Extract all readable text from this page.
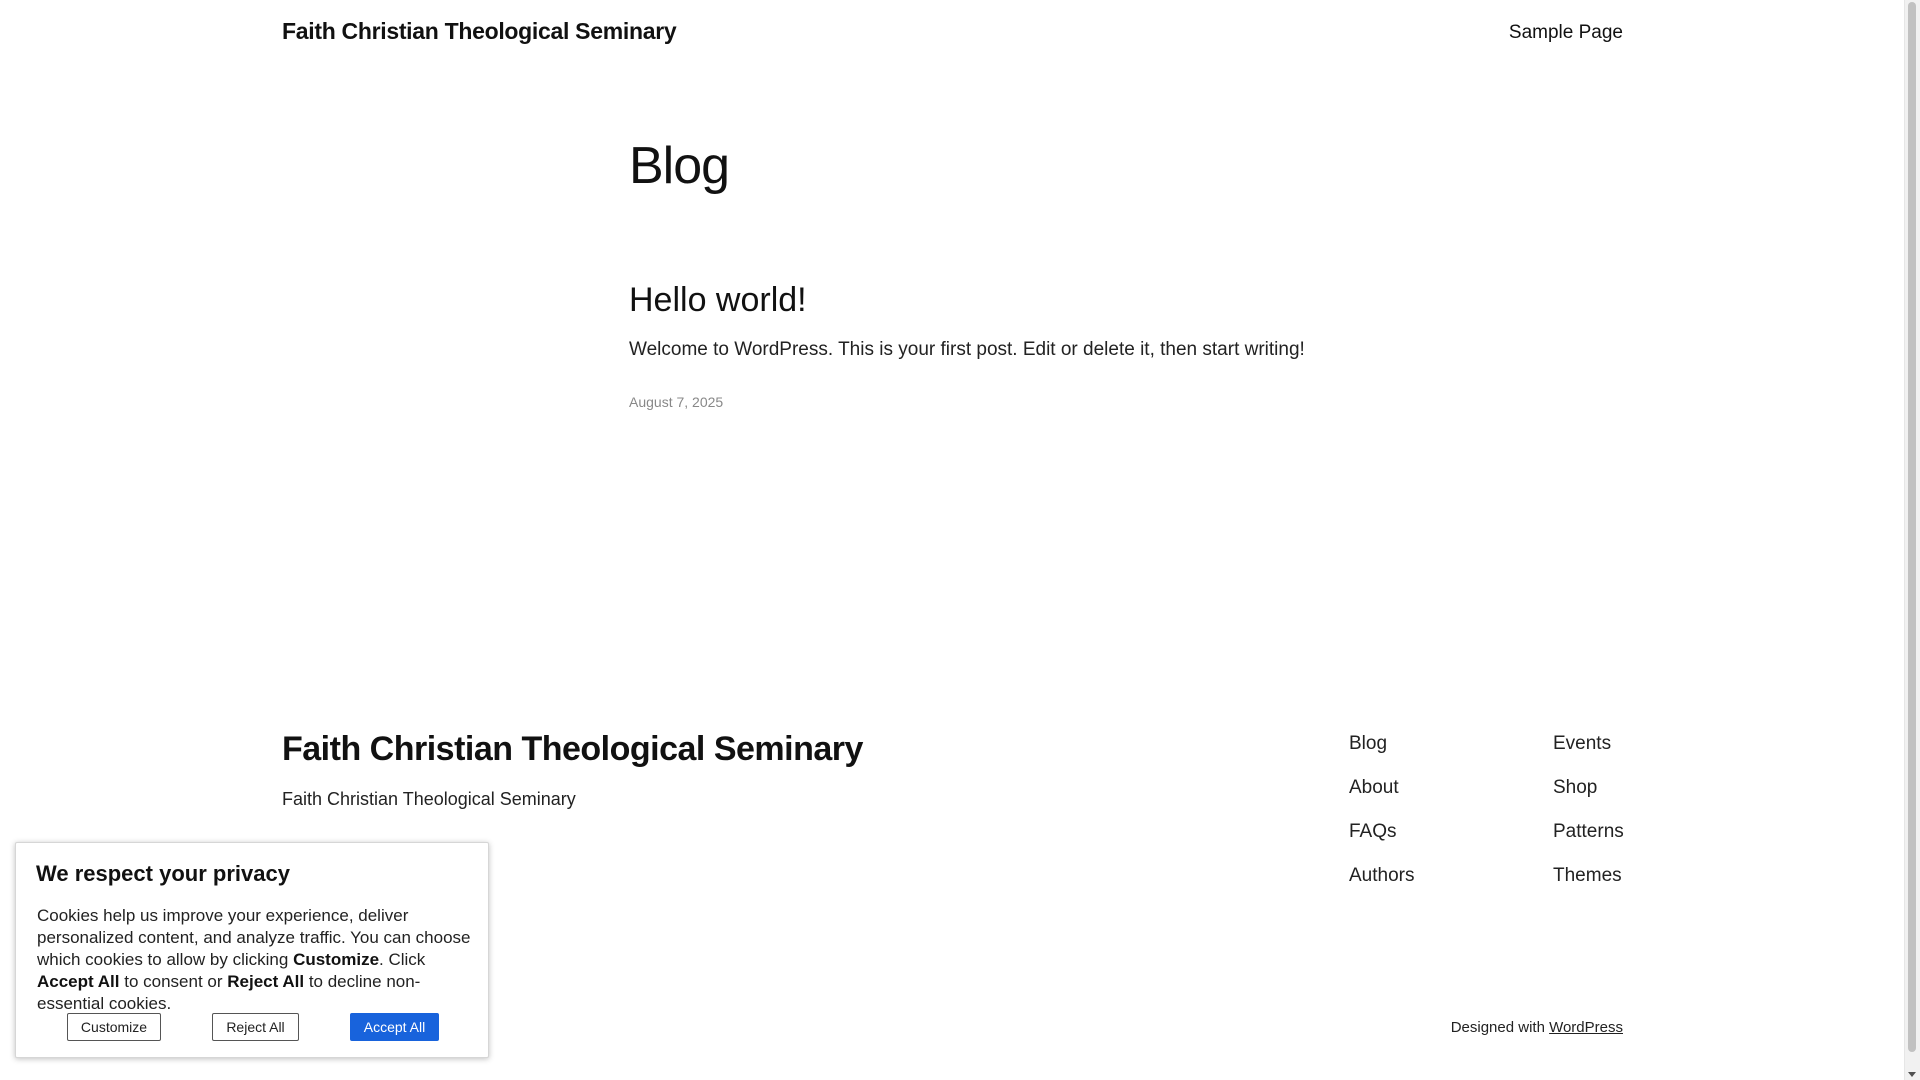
Faith Christian Theological Seminary	Sample Page
Blog
Hello world!

Welcome to WordPress. This is your first post. Edit or delete it, then start writing!

August 7, 2025

Faith Christian Theological Seminary
Faith Christian Theological Seminary
Blog
About
FAQs
Authors
Events
Shop
Patterns
Themes
Designed with WordPress

We respect your privacy

Cookies help us improve your experience, deliver personalized content, and analyze traffic. You can choose which cookies to allow by clicking Customize. Click Accept All to consent or Reject All to decline non-essential cookies.

Customize	Reject All	Accept All
